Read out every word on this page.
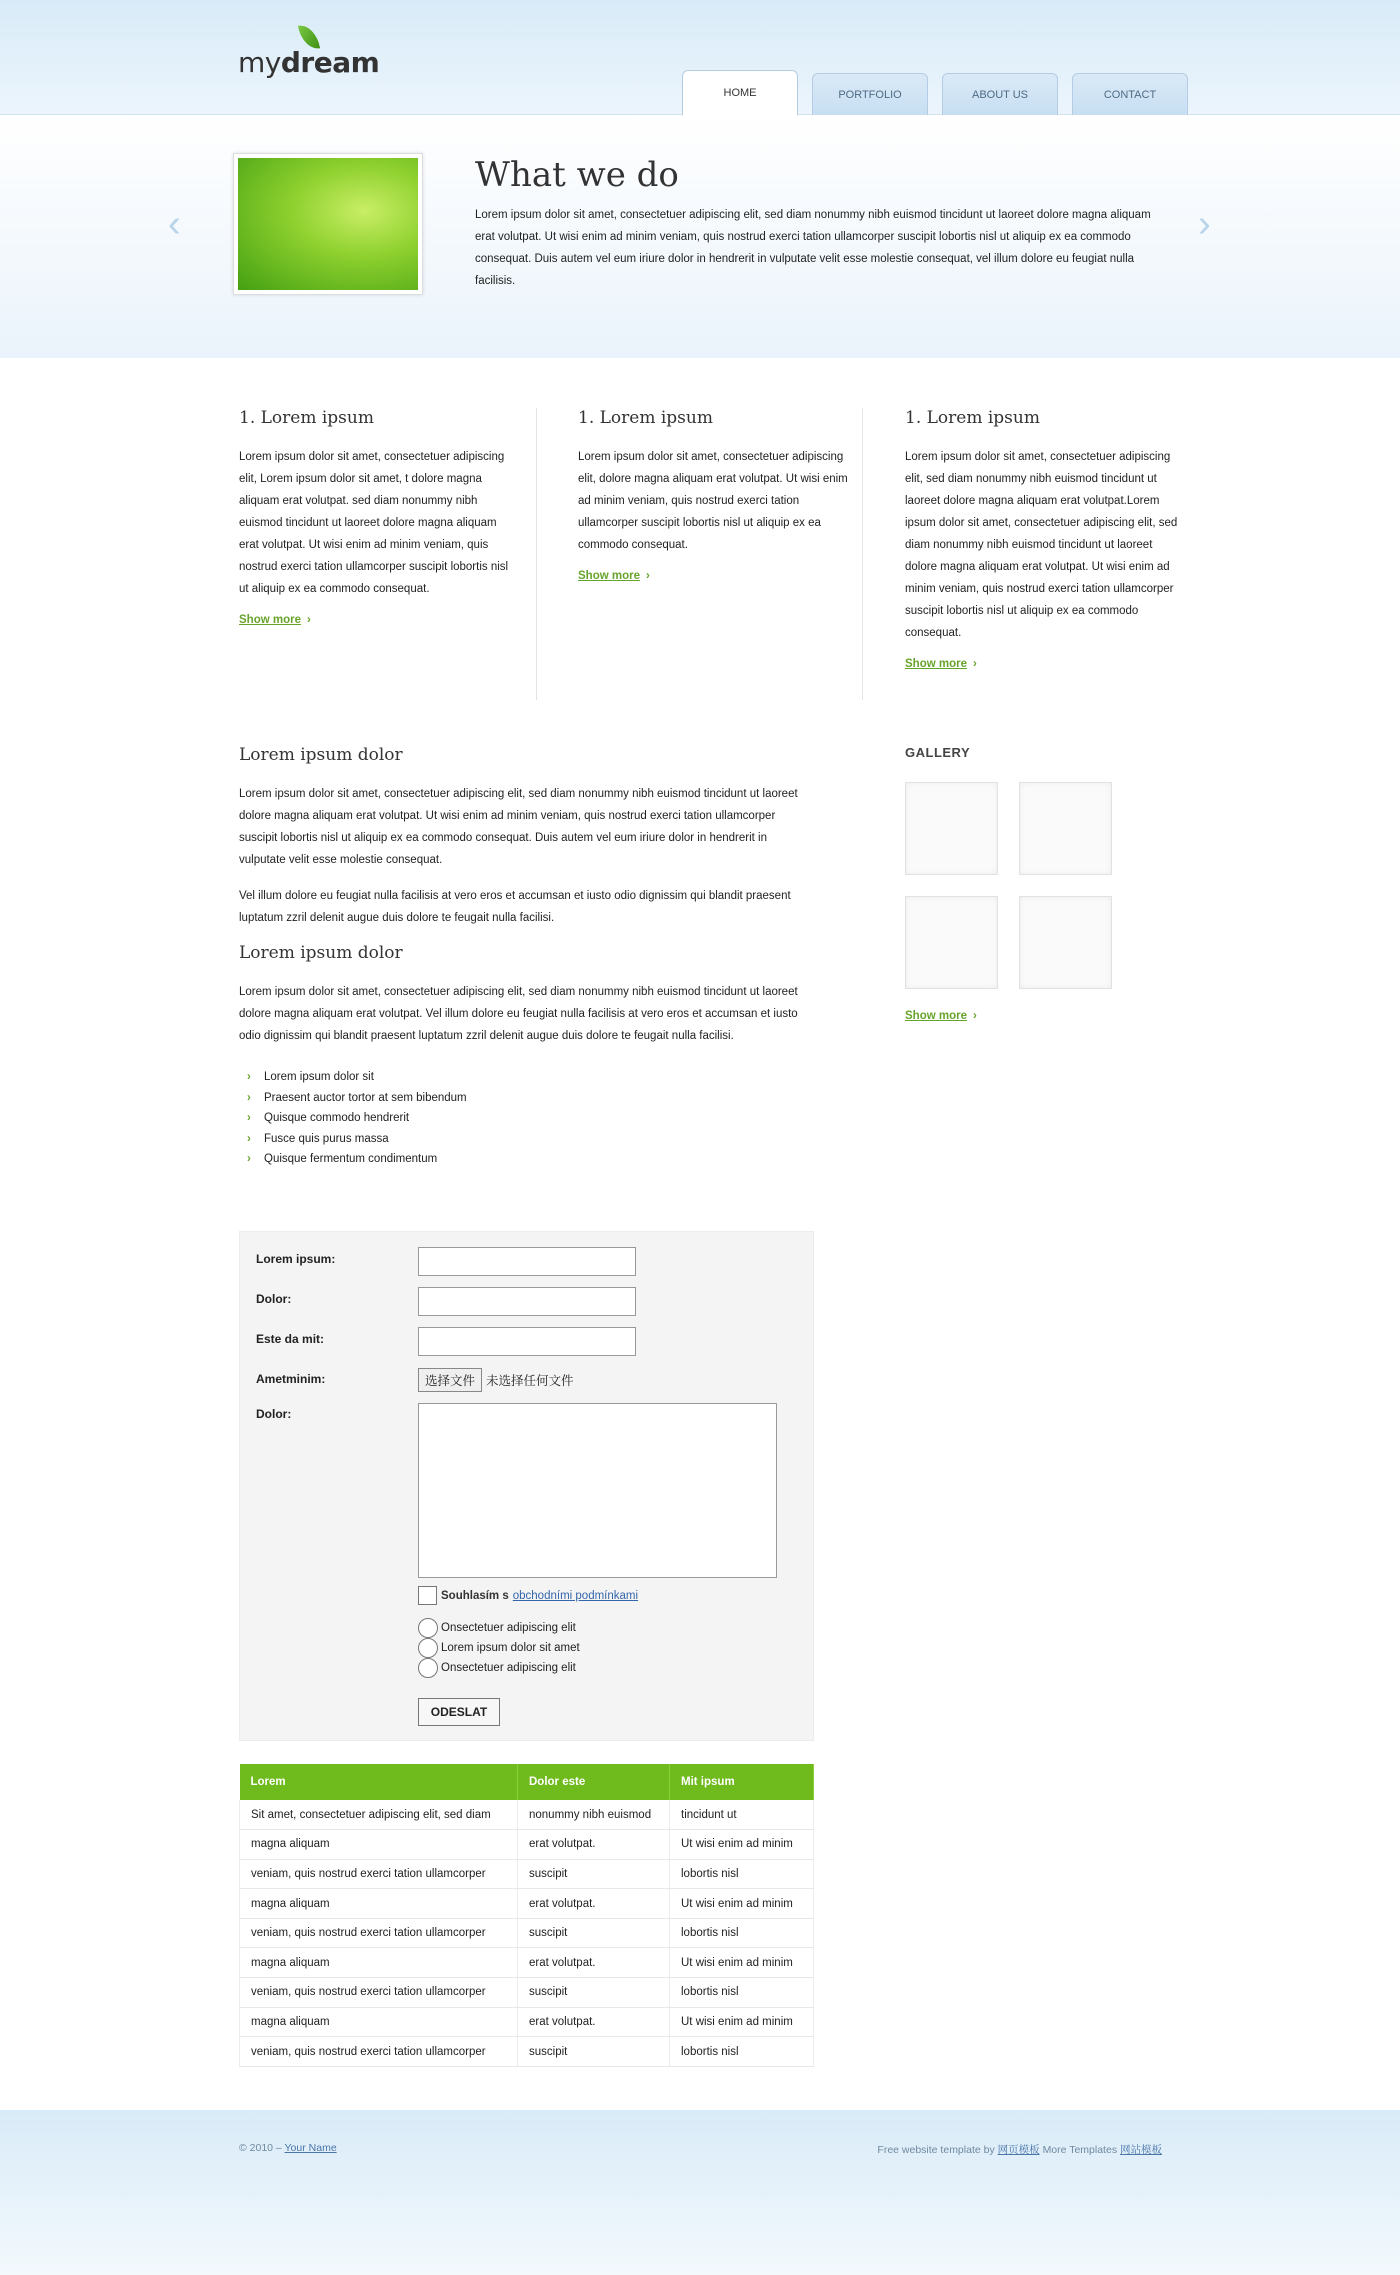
mydream
HOME	PORTFOLIO	ABOUT US	CONTACT
‹
What we do

Lorem ipsum dolor sit amet, consectetuer adipiscing elit, sed diam nonummy nibh euismod tincidunt ut laoreet dolore magna aliquam erat volutpat. Ut wisi enim ad minim veniam, quis nostrud exerci tation ullamcorper suscipit lobortis nisl ut aliquip ex ea commodo consequat. Duis autem vel eum iriure dolor in hendrerit in vulputate velit esse molestie consequat, vel illum dolore eu feugiat nulla facilisis.

›
1. Lorem ipsum

Lorem ipsum dolor sit amet, consectetuer adipiscing elit, Lorem ipsum dolor sit amet, t dolore magna aliquam erat volutpat. sed diam nonummy nibh euismod tincidunt ut laoreet dolore magna aliquam erat volutpat. Ut wisi enim ad minim veniam, quis nostrud exerci tation ullamcorper suscipit lobortis nisl ut aliquip ex ea commodo consequat.

Show more ›
1. Lorem ipsum

Lorem ipsum dolor sit amet, consectetuer adipiscing elit, dolore magna aliquam erat volutpat. Ut wisi enim ad minim veniam, quis nostrud exerci tation ullamcorper suscipit lobortis nisl ut aliquip ex ea commodo consequat.

Show more ›
1. Lorem ipsum

Lorem ipsum dolor sit amet, consectetuer adipiscing elit, sed diam nonummy nibh euismod tincidunt ut laoreet dolore magna aliquam erat volutpat.Lorem ipsum dolor sit amet, consectetuer adipiscing elit, sed diam nonummy nibh euismod tincidunt ut laoreet dolore magna aliquam erat volutpat. Ut wisi enim ad minim veniam, quis nostrud exerci tation ullamcorper suscipit lobortis nisl ut aliquip ex ea commodo consequat.

Show more ›
Lorem ipsum dolor

Lorem ipsum dolor sit amet, consectetuer adipiscing elit, sed diam nonummy nibh euismod tincidunt ut laoreet dolore magna aliquam erat volutpat. Ut wisi enim ad minim veniam, quis nostrud exerci tation ullamcorper suscipit lobortis nisl ut aliquip ex ea commodo consequat. Duis autem vel eum iriure dolor in hendrerit in vulputate velit esse molestie consequat.

Vel illum dolore eu feugiat nulla facilisis at vero eros et accumsan et iusto odio dignissim qui blandit praesent luptatum zzril delenit augue duis dolore te feugait nulla facilisi.

Lorem ipsum dolor

Lorem ipsum dolor sit amet, consectetuer adipiscing elit, sed diam nonummy nibh euismod tincidunt ut laoreet dolore magna aliquam erat volutpat. Vel illum dolore eu feugiat nulla facilisis at vero eros et accumsan et iusto odio dignissim qui blandit praesent luptatum zzril delenit augue duis dolore te feugait nulla facilisi.

› Lorem ipsum dolor sit
› Praesent auctor tortor at sem bibendum
› Quisque commodo hendrerit
› Fusce quis purus massa
› Quisque fermentum condimentum
Lorem ipsum:
Dolor:
Este da mit:
Ametminim:	选择文件 未选择任何文件
Dolor:
Souhlasím s obchodními podmínkami
Onsectetuer adipiscing elit
Lorem ipsum dolor sit amet
Onsectetuer adipiscing elit
ODESLAT
Lorem	Dolor este	Mit ipsum
Sit amet, consectetuer adipiscing elit, sed diam	nonummy nibh euismod	tincidunt ut
magna aliquam	erat volutpat.	Ut wisi enim ad minim
veniam, quis nostrud exerci tation ullamcorper	suscipit	lobortis nisl
magna aliquam	erat volutpat.	Ut wisi enim ad minim
veniam, quis nostrud exerci tation ullamcorper	suscipit	lobortis nisl
magna aliquam	erat volutpat.	Ut wisi enim ad minim
veniam, quis nostrud exerci tation ullamcorper	suscipit	lobortis nisl
magna aliquam	erat volutpat.	Ut wisi enim ad minim
veniam, quis nostrud exerci tation ullamcorper	suscipit	lobortis nisl
GALLERY
Show more ›
© 2010 – Your Name	Free website template by 网页模板 More Templates 网站模板
